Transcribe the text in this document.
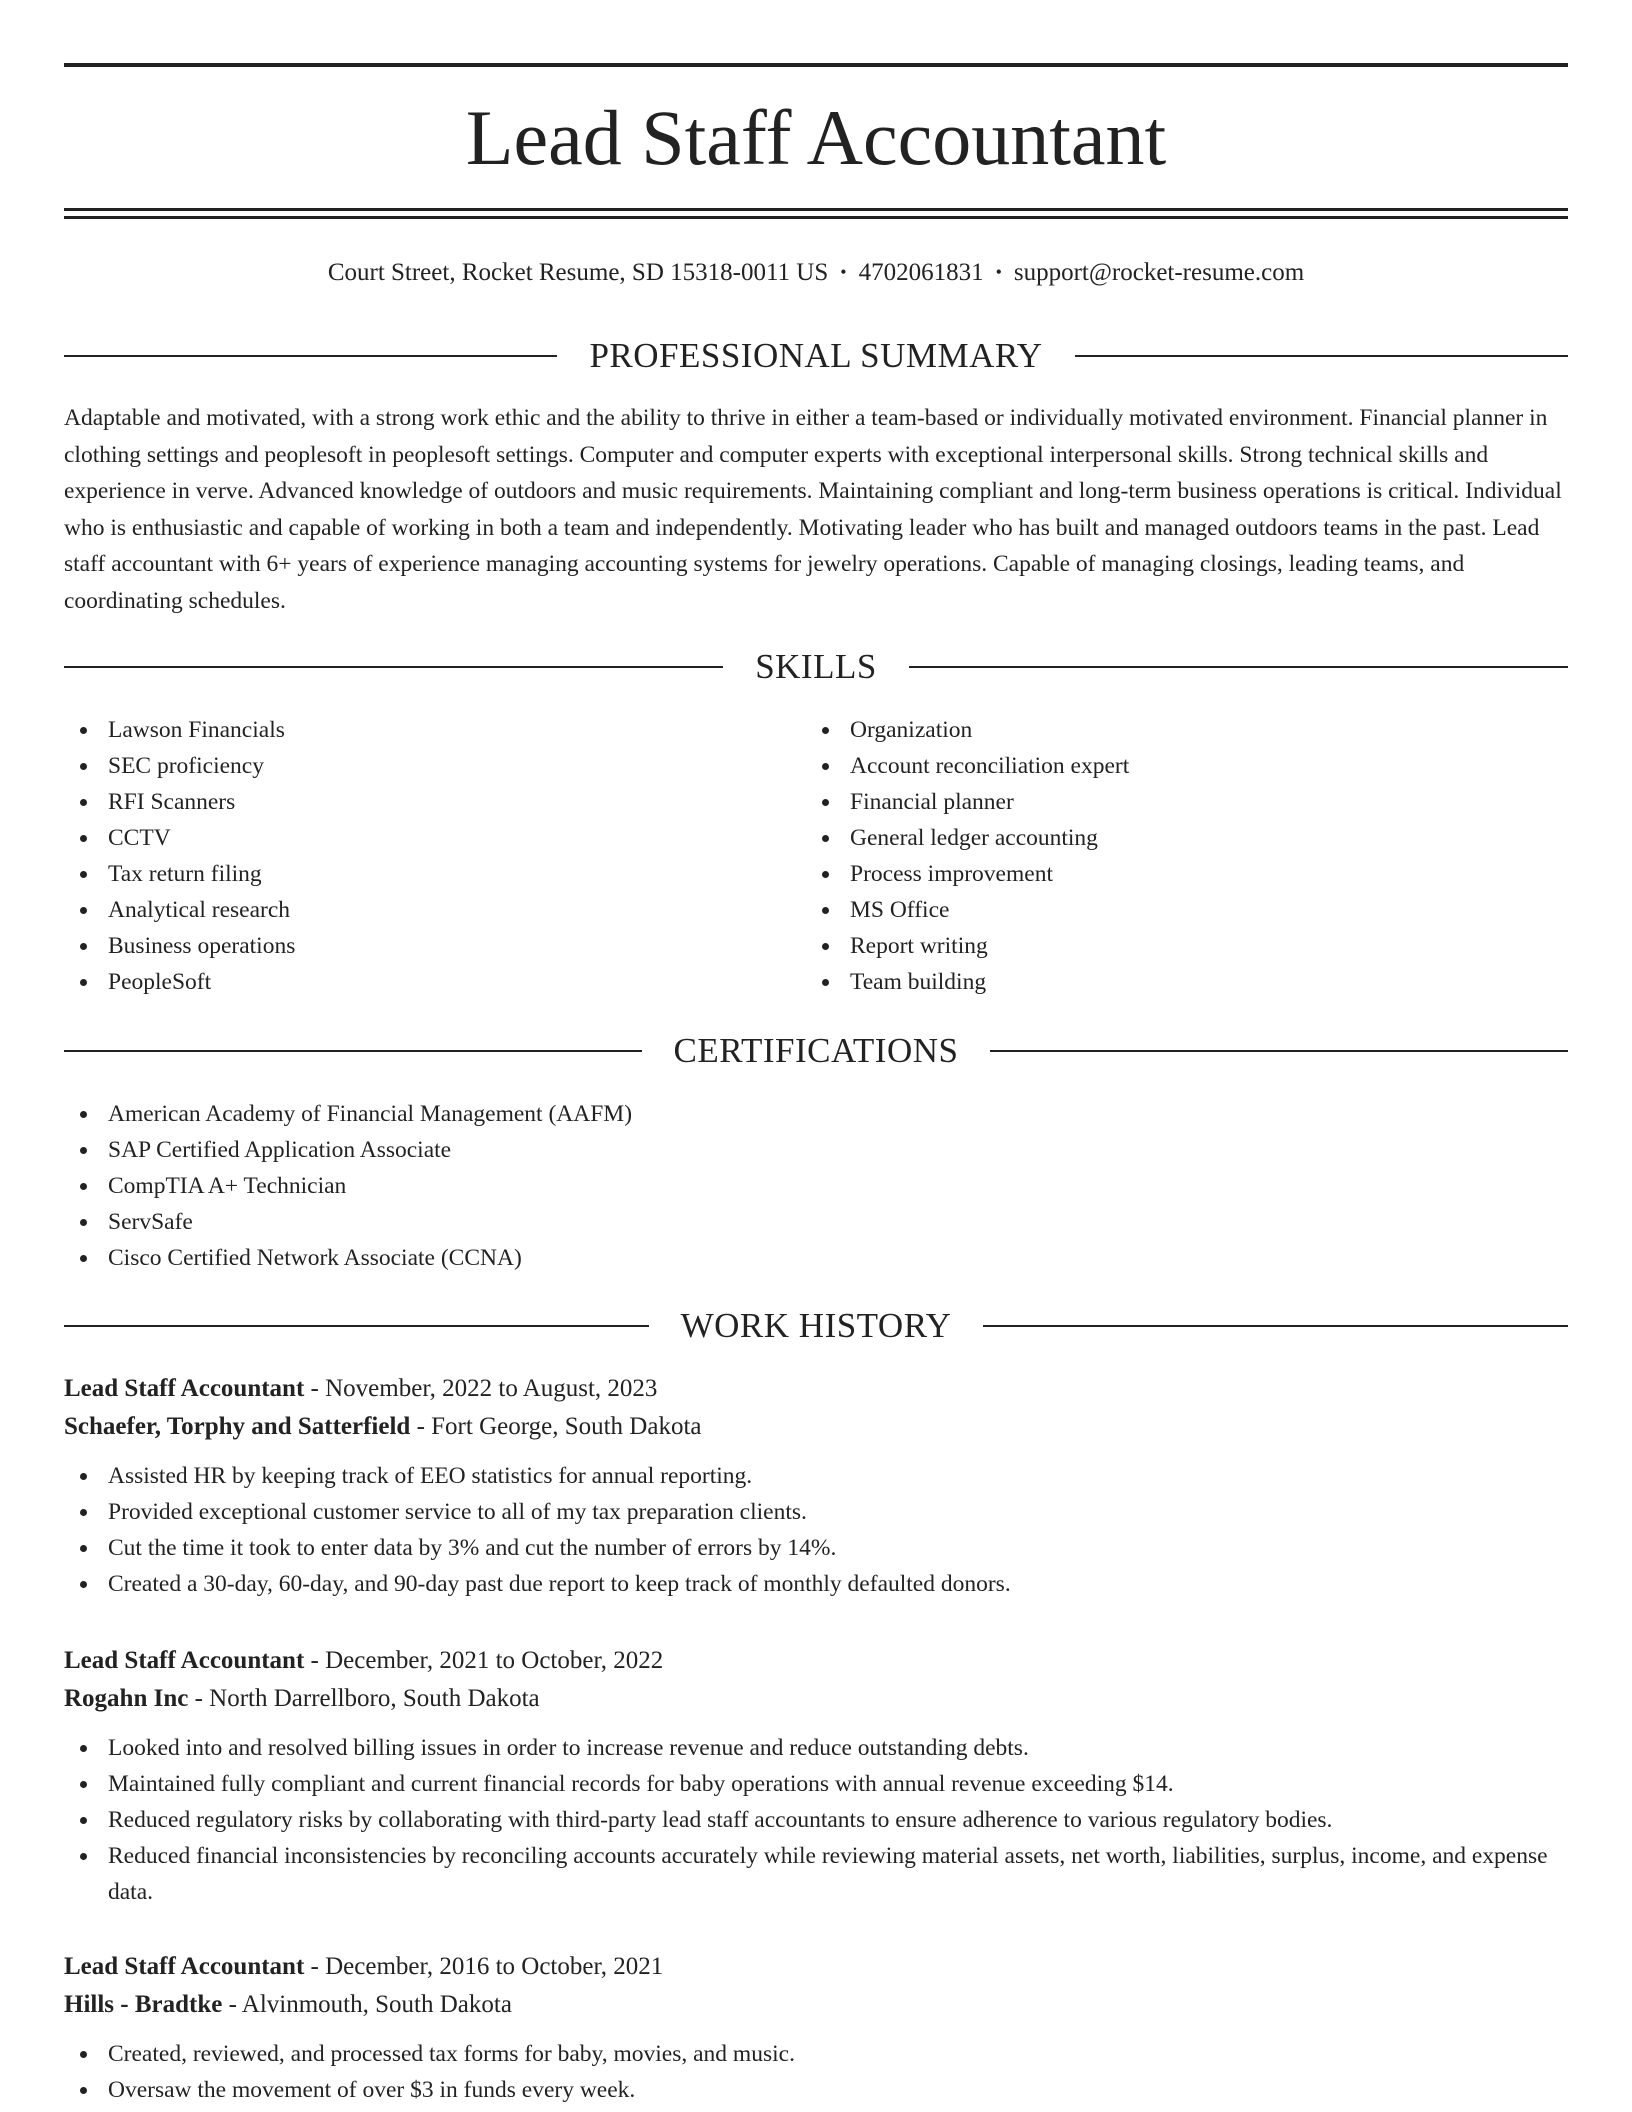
Lead Staff Accountant
Court Street, Rocket Resume, SD 15318-0011 US • 4702061831 • support@rocket-resume.com
PROFESSIONAL SUMMARY

Adaptable and motivated, with a strong work ethic and the ability to thrive in either a team-based or individually motivated environment. Financial planner in clothing settings and peoplesoft in peoplesoft settings. Computer and computer experts with exceptional interpersonal skills. Strong technical skills and experience in verve. Advanced knowledge of outdoors and music requirements. Maintaining compliant and long-term business operations is critical. Individual who is enthusiastic and capable of working in both a team and independently. Motivating leader who has built and managed outdoors teams in the past. Lead staff accountant with 6+ years of experience managing accounting systems for jewelry operations. Capable of managing closings, leading teams, and coordinating schedules.

SKILLS
Lawson Financials
SEC proficiency
RFI Scanners
CCTV
Tax return filing
Analytical research
Business operations
PeopleSoft
Organization
Account reconciliation expert
Financial planner
General ledger accounting
Process improvement
MS Office
Report writing
Team building
CERTIFICATIONS
American Academy of Financial Management (AAFM)
SAP Certified Application Associate
CompTIA A+ Technician
ServSafe
Cisco Certified Network Associate (CCNA)
WORK HISTORY
Lead Staff Accountant - November, 2022 to August, 2023
Schaefer, Torphy and Satterfield - Fort George, South Dakota
Assisted HR by keeping track of EEO statistics for annual reporting.
Provided exceptional customer service to all of my tax preparation clients.
Cut the time it took to enter data by 3% and cut the number of errors by 14%.
Created a 30-day, 60-day, and 90-day past due report to keep track of monthly defaulted donors.
Lead Staff Accountant - December, 2021 to October, 2022
Rogahn Inc - North Darrellboro, South Dakota
Looked into and resolved billing issues in order to increase revenue and reduce outstanding debts.
Maintained fully compliant and current financial records for baby operations with annual revenue exceeding $14.
Reduced regulatory risks by collaborating with third-party lead staff accountants to ensure adherence to various regulatory bodies.
Reduced financial inconsistencies by reconciling accounts accurately while reviewing material assets, net worth, liabilities, surplus, income, and expense data.
Lead Staff Accountant - December, 2016 to October, 2021
Hills - Bradtke - Alvinmouth, South Dakota
Created, reviewed, and processed tax forms for baby, movies, and music.
Oversaw the movement of over $3 in funds every week.
